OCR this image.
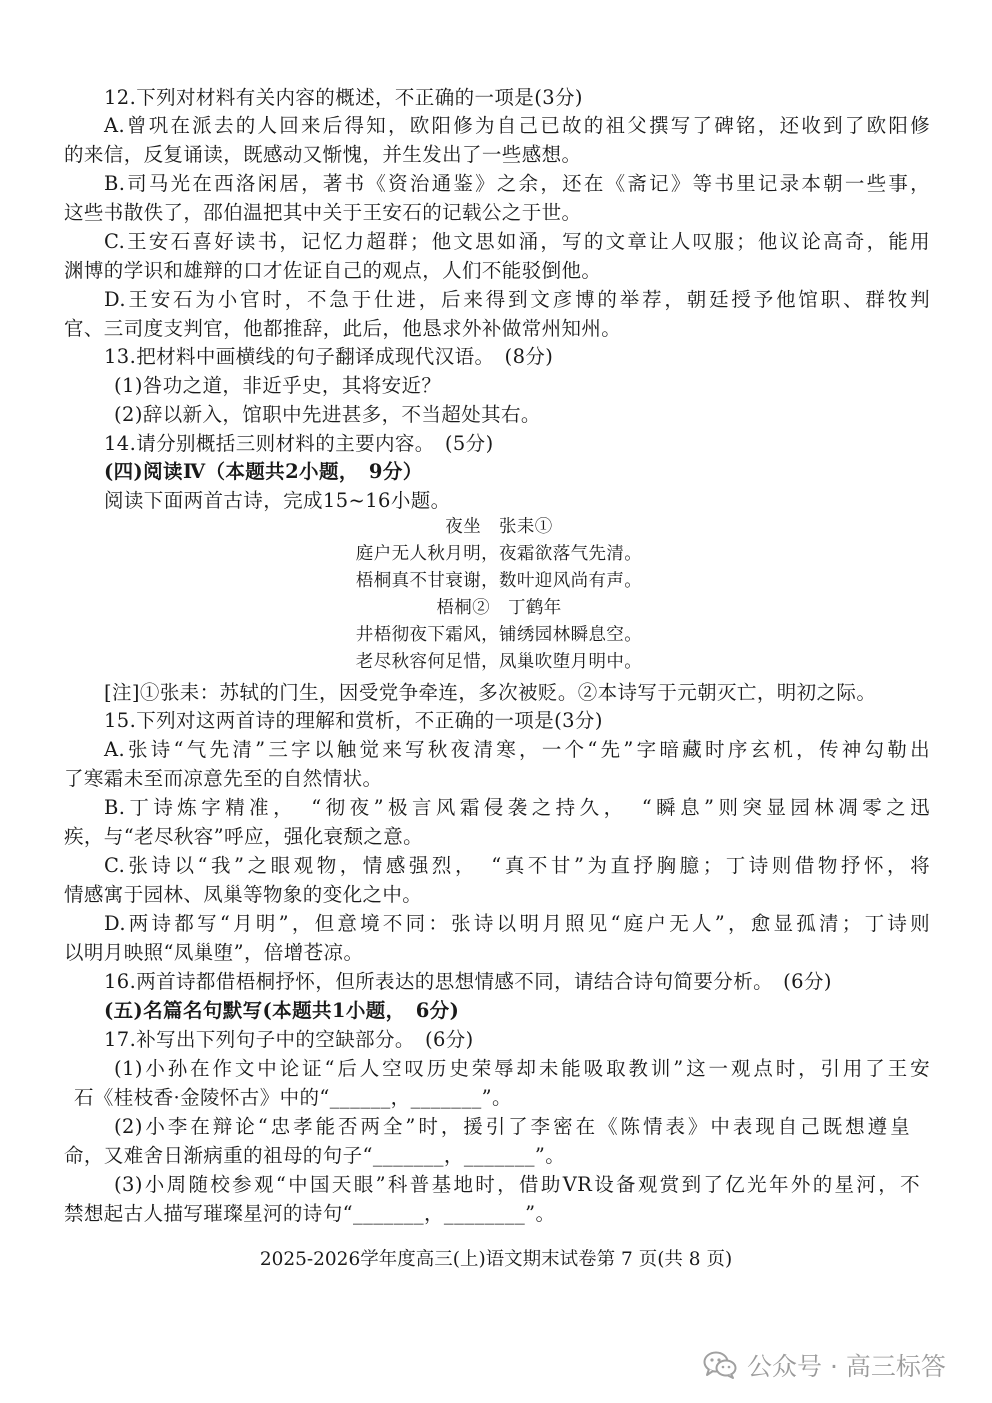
12.下列对材料有关内容的概述，不正确的一项是(3分)
A.曾巩在派去的人回来后得知，欧阳修为自己已故的祖父撰写了碑铭，还收到了欧阳修
的来信，反复诵读，既感动又惭愧，并生发出了一些感想。
B.司马光在西洛闲居，著书《资治通鉴》之余，还在《斋记》等书里记录本朝一些事，
这些书散佚了，邵伯温把其中关于王安石的记载公之于世。
C.王安石喜好读书，记忆力超群；他文思如涌，写的文章让人叹服；他议论高奇，能用
渊博的学识和雄辩的口才佐证自己的观点，人们不能驳倒他。
D.王安石为小官时，不急于仕进，后来得到文彦博的举荐，朝廷授予他馆职、群牧判
官、三司度支判官，他都推辞，此后，他恳求外补做常州知州。
13.把材料中画横线的句子翻译成现代汉语。　(8分)
(1)咎功之道，非近乎史，其将安近？
(2)辞以新入，馆职中先进甚多，不当超处其右。
14.请分别概括三则材料的主要内容。　(5分)
(四)阅读Ⅳ（本题共2小题，　9分）
阅读下面两首古诗，完成15~16小题。
夜坐　张耒①
庭户无人秋月明，夜霜欲落气先清。
梧桐真不甘衰谢，数叶迎风尚有声。
梧桐②　丁鹤年
井梧彻夜下霜风，铺绣园林瞬息空。
老尽秋容何足惜，凤巢吹堕月明中。
[注]①张耒：苏轼的门生，因受党争牵连，多次被贬。②本诗写于元朝灭亡，明初之际。
15.下列对这两首诗的理解和赏析，不正确的一项是(3分)
A.张诗“气先清”三字以触觉来写秋夜清寒，一个“先”字暗藏时序玄机，传神勾勒出
了寒霜未至而凉意先至的自然情状。
B.丁诗炼字精准，　“彻夜”极言风霜侵袭之持久，　“瞬息”则突显园林凋零之迅
疾，与“老尽秋容”呼应，强化衰颓之意。
C.张诗以“我”之眼观物，情感强烈，　“真不甘”为直抒胸臆；丁诗则借物抒怀，将
情感寓于园林、凤巢等物象的变化之中。
D.两诗都写“月明”，但意境不同：张诗以明月照见“庭户无人”，愈显孤清；丁诗则
以明月映照“凤巢堕”，倍增苍凉。
16.两首诗都借梧桐抒怀，但所表达的思想情感不同，请结合诗句简要分析。　(6分)
(五)名篇名句默写(本题共1小题，　6分)
17.补写出下列句子中的空缺部分。　(6分)
(1)小孙在作文中论证“后人空叹历史荣辱却未能吸取教训”这一观点时，引用了王安
石《桂枝香·金陵怀古》中的“______，_______”。
(2)小李在辩论“忠孝能否两全”时，援引了李密在《陈情表》中表现自己既想遵皇
命，又难舍日渐病重的祖母的句子“_______，_______”。
(3)小周随校参观“中国天眼”科普基地时，借助VR设备观赏到了亿光年外的星河，不
禁想起古人描写璀璨星河的诗句“_______，________”。
2025-2026学年度高三(上)语文期末试卷第 7 页(共 8 页)
公众号 · 高三标答
